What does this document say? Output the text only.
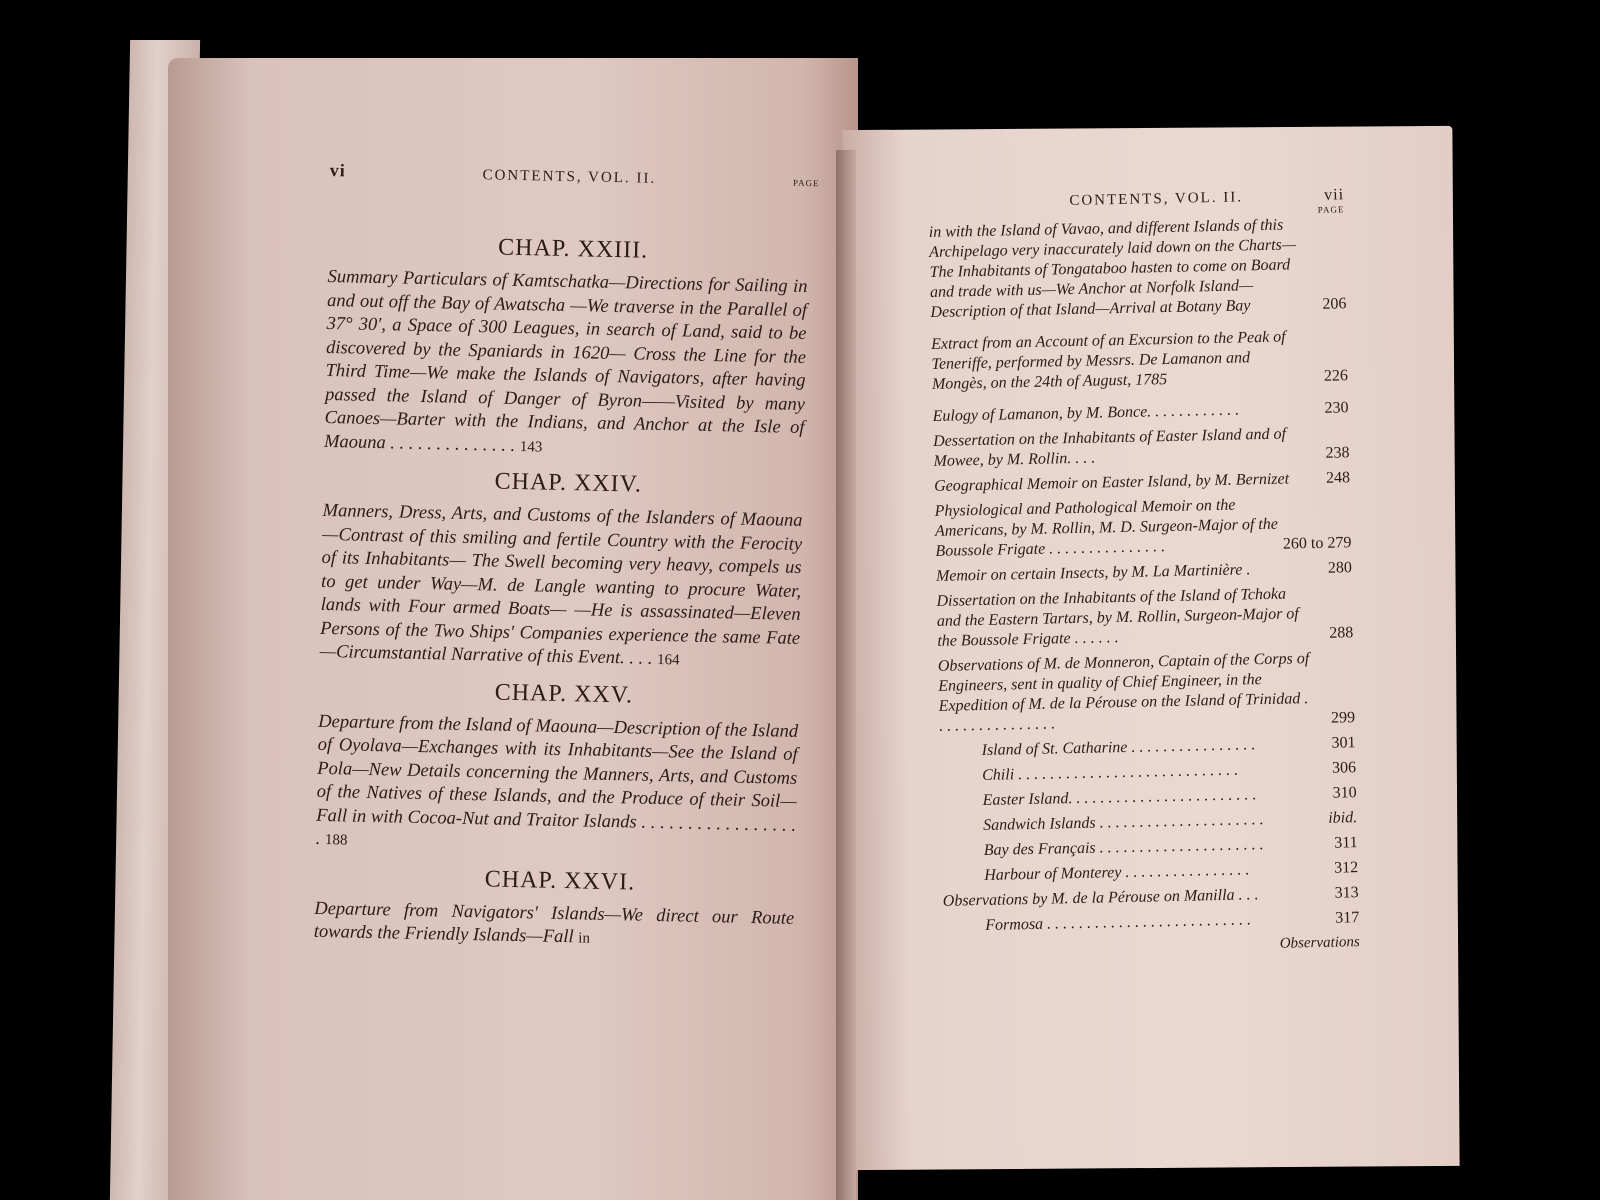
vi	CONTENTS, VOL. II.	PAGE
CHAP. XXIII.

Summary Particulars of Kamtschatka—Directions for Sailing in and out off the Bay of Awatscha —We traverse in the Parallel of 37° 30′, a Space of 300 Leagues, in search of Land, said to be discovered by the Spaniards in 1620— Cross the Line for the Third Time—We make the Islands of Navigators, after having passed the Island of Danger of Byron——Visited by many Canoes—Barter with the Indians, and Anchor at the Isle of Maouna . . . . . . . . . . . . . . 143

CHAP. XXIV.

Manners, Dress, Arts, and Customs of the Islanders of Maouna—Contrast of this smiling and fertile Country with the Ferocity of its Inhabitants— The Swell becoming very heavy, compels us to get under Way—M. de Langle wanting to procure Water, lands with Four armed Boats— —He is assassinated—Eleven Persons of the Two Ships' Companies experience the same Fate —Circumstantial Narrative of this Event. . . . 164

CHAP. XXV.

Departure from the Island of Maouna—Description of the Island of Oyolava—Exchanges with its Inhabitants—See the Island of Pola—New Details concerning the Manners, Arts, and Customs of the Natives of these Islands, and the Produce of their Soil—Fall in with Cocoa-Nut and Traitor Islands . . . . . . . . . . . . . . . . . . 188

CHAP. XXVI.

Departure from Navigators' Islands—We direct our Route towards the Friendly Islands—Fall in

CONTENTS, VOL. II.	vii
PAGE
in with the Island of Vavao, and different Islands of this Archipelago very inaccurately laid down on the Charts—The Inhabitants of Tongataboo hasten to come on Board and trade with us—We Anchor at Norfolk Island—Description of that Island—Arrival at Botany Bay	206
Extract from an Account of an Excursion to the Peak of Teneriffe, performed by Messrs. De Lamanon and Mongès, on the 24th of August, 1785	226
Eulogy of Lamanon, by M. Bonce. . . . . . . . . . . .	230
Dessertation on the Inhabitants of Easter Island and of Mowee, by M. Rollin. . . .	238
Geographical Memoir on Easter Island, by M. Bernizet 248
Physiological and Pathological Memoir on the Americans, by M. Rollin, M. D. Surgeon-Major of the Boussole Frigate . . . . . . . . . . . . . . .	260 to 279
Memoir on certain Insects, by M. La Martinière .	280
Dissertation on the Inhabitants of the Island of Tchoka and the Eastern Tartars, by M. Rollin, Surgeon-Major of the Boussole Frigate . . . . . .	288
Observations of M. de Monneron, Captain of the Corps of Engineers, sent in quality of Chief Engineer, in the Expedition of M. de la Pérouse on the Island of Trinidad . . . . . . . . . . . . . . . .	299
Island of St. Catharine . . . . . . . . . . . . . . . .	301
Chili . . . . . . . . . . . . . . . . . . . . . . . . . . . .	306
Easter Island. . . . . . . . . . . . . . . . . . . . . . . .	310
Sandwich Islands . . . . . . . . . . . . . . . . . . . . .	ibid.
Bay des Français . . . . . . . . . . . . . . . . . . . . .	311
Harbour of Monterey . . . . . . . . . . . . . . . .	312
Observations by M. de la Pérouse on Manilla . . .	313
Formosa . . . . . . . . . . . . . . . . . . . . . . . . . .	317
Observations
